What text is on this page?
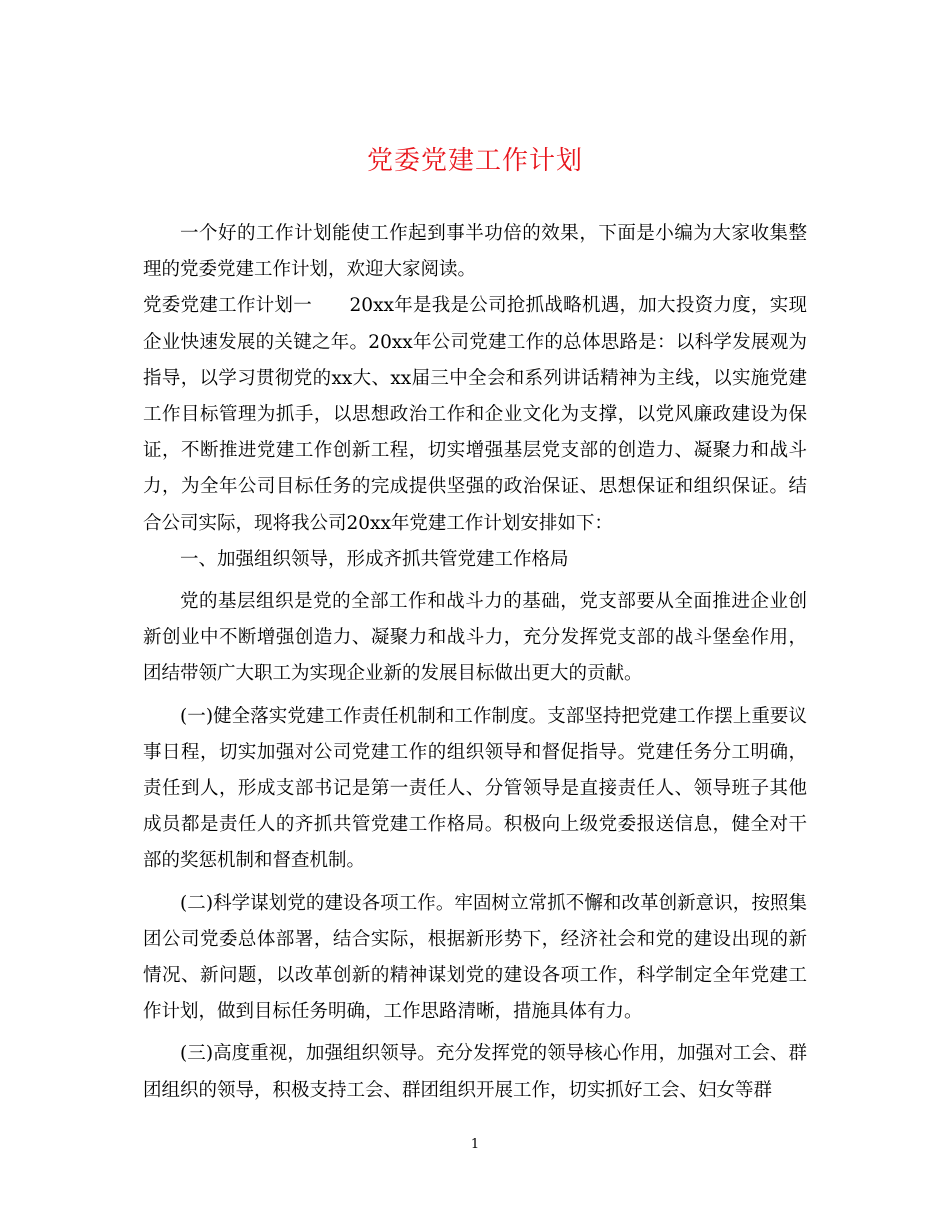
党委党建工作计划

一个好的工作计划能使工作起到事半功倍的效果，下面是小编为大家收集整理的党委党建工作计划，欢迎大家阅读。

党委党建工作计划一　　20xx年是我是公司抢抓战略机遇，加大投资力度，实现企业快速发展的关键之年。20xx年公司党建工作的总体思路是：以科学发展观为指导，以学习贯彻党的xx大、xx届三中全会和系列讲话精神为主线，以实施党建工作目标管理为抓手，以思想政治工作和企业文化为支撑，以党风廉政建设为保证，不断推进党建工作创新工程，切实增强基层党支部的创造力、凝聚力和战斗力，为全年公司目标任务的完成提供坚强的政治保证、思想保证和组织保证。结合公司实际，现将我公司20xx年党建工作计划安排如下：

一、加强组织领导，形成齐抓共管党建工作格局

党的基层组织是党的全部工作和战斗力的基础，党支部要从全面推进企业创新创业中不断增强创造力、凝聚力和战斗力，充分发挥党支部的战斗堡垒作用，团结带领广大职工为实现企业新的发展目标做出更大的贡献。

(一)健全落实党建工作责任机制和工作制度。支部坚持把党建工作摆上重要议事日程，切实加强对公司党建工作的组织领导和督促指导。党建任务分工明确，责任到人，形成支部书记是第一责任人、分管领导是直接责任人、领导班子其他成员都是责任人的齐抓共管党建工作格局。积极向上级党委报送信息，健全对干部的奖惩机制和督查机制。

(二)科学谋划党的建设各项工作。牢固树立常抓不懈和改革创新意识，按照集团公司党委总体部署，结合实际，根据新形势下，经济社会和党的建设出现的新情况、新问题，以改革创新的精神谋划党的建设各项工作，科学制定全年党建工作计划，做到目标任务明确，工作思路清晰，措施具体有力。

(三)高度重视，加强组织领导。充分发挥党的领导核心作用，加强对工会、群团组织的领导，积极支持工会、群团组织开展工作，切实抓好工会、妇女等群

1
